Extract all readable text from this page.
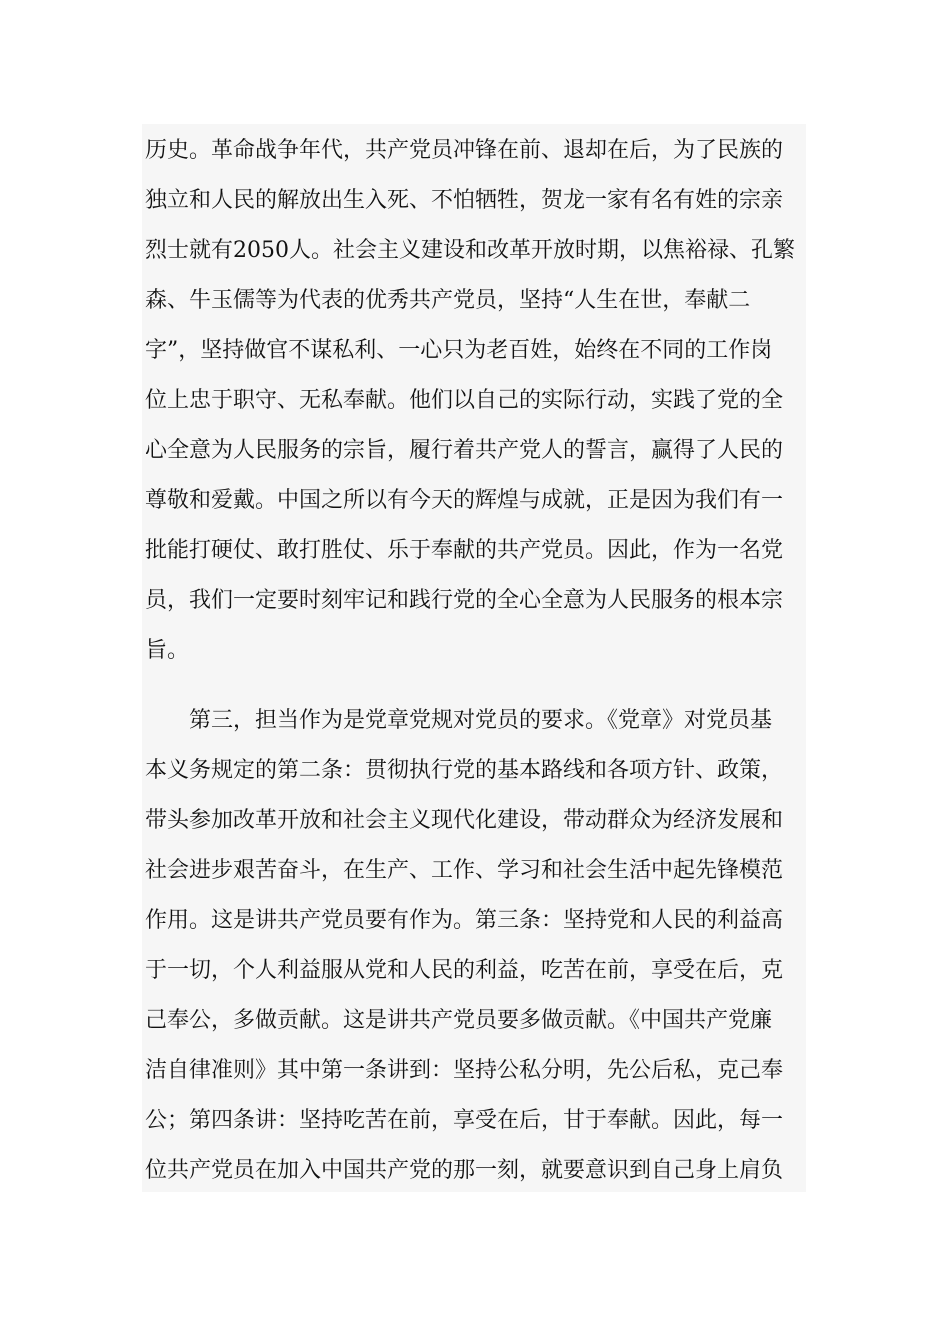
历史。革命战争年代，共产党员冲锋在前、退却在后，为了民族的
独立和人民的解放出生入死、不怕牺牲，贺龙一家有名有姓的宗亲
烈士就有2050人。社会主义建设和改革开放时期，以焦裕禄、孔繁
森、牛玉儒等为代表的优秀共产党员，坚持“人生在世，奉献二
字”，坚持做官不谋私利、一心只为老百姓，始终在不同的工作岗
位上忠于职守、无私奉献。他们以自己的实际行动，实践了党的全
心全意为人民服务的宗旨，履行着共产党人的誓言，赢得了人民的
尊敬和爱戴。中国之所以有今天的辉煌与成就，正是因为我们有一
批能打硬仗、敢打胜仗、乐于奉献的共产党员。因此，作为一名党
员，我们一定要时刻牢记和践行党的全心全意为人民服务的根本宗
旨。
　　第三，担当作为是党章党规对党员的要求。《党章》对党员基
本义务规定的第二条：贯彻执行党的基本路线和各项方针、政策，
带头参加改革开放和社会主义现代化建设，带动群众为经济发展和
社会进步艰苦奋斗，在生产、工作、学习和社会生活中起先锋模范
作用。这是讲共产党员要有作为。第三条：坚持党和人民的利益高
于一切，个人利益服从党和人民的利益，吃苦在前，享受在后，克
己奉公，多做贡献。这是讲共产党员要多做贡献。《中国共产党廉
洁自律准则》其中第一条讲到：坚持公私分明，先公后私，克己奉
公；第四条讲：坚持吃苦在前，享受在后，甘于奉献。因此，每一
位共产党员在加入中国共产党的那一刻，就要意识到自己身上肩负
